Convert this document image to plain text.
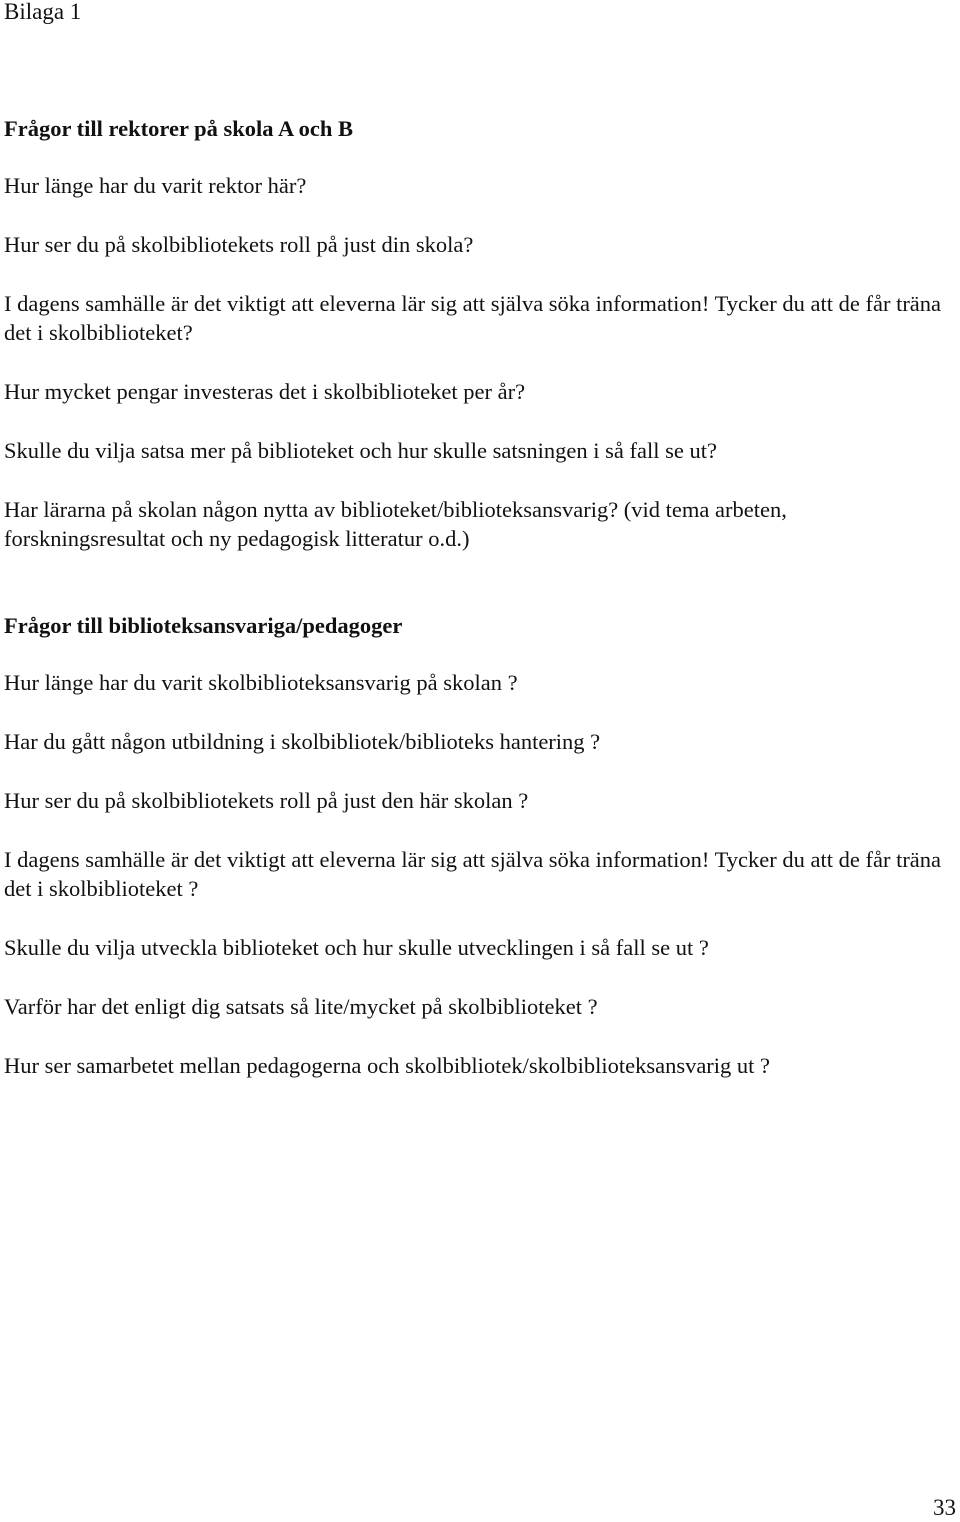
Bilaga 1

Frågor till rektorer på skola A och B

Hur länge har du varit rektor här?

Hur ser du på skolbibliotekets roll på just din skola?

I dagens samhälle är det viktigt att eleverna lär sig att själva söka information! Tycker du att de får träna det i skolbiblioteket?

Hur mycket pengar investeras det i skolbiblioteket per år?

Skulle du vilja satsa mer på biblioteket och hur skulle satsningen i så fall se ut?

Har lärarna på skolan någon nytta av biblioteket/biblioteksansvarig? (vid tema arbeten, forskningsresultat och ny pedagogisk litteratur o.d.)

Frågor till biblioteksansvariga/pedagoger

Hur länge har du varit skolbiblioteksansvarig på skolan ?

Har du gått någon utbildning i skolbibliotek/biblioteks hantering ?

Hur ser du på skolbibliotekets roll på just den här skolan ?

I dagens samhälle är det viktigt att eleverna lär sig att själva söka information! Tycker du att de får träna det i skolbiblioteket ?

Skulle du vilja utveckla biblioteket och hur skulle utvecklingen i så fall se ut ?

Varför har det enligt dig satsats så lite/mycket på skolbiblioteket ?

Hur ser samarbetet mellan pedagogerna och skolbibliotek/skolbiblioteksansvarig ut ?

33
